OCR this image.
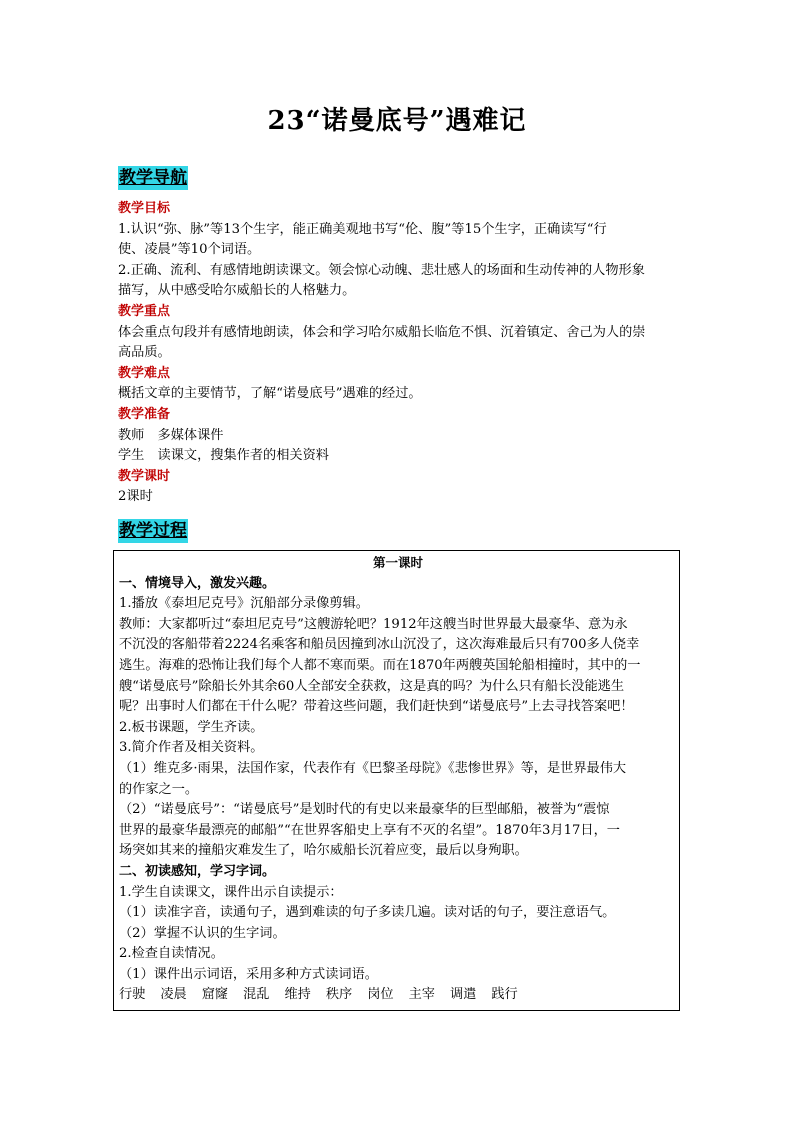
23“诺曼底号”遇难记
教学导航

教学目标

1.认识“弥、脉”等13个生字，能正确美观地书写“伦、腹”等15个生字，正确读写“行

使、凌晨”等10个词语。

2.正确、流利、有感情地朗读课文。领会惊心动魄、悲壮感人的场面和生动传神的人物形象

描写，从中感受哈尔威船长的人格魅力。

教学重点

体会重点句段并有感情地朗读，体会和学习哈尔威船长临危不惧、沉着镇定、舍己为人的崇

高品质。

教学难点

概括文章的主要情节，了解“诺曼底号”遇难的经过。

教学准备

教师　多媒体课件

学生　读课文，搜集作者的相关资料

教学课时

2课时

教学过程

第一课时

一、情境导入，激发兴趣。

1.播放《泰坦尼克号》沉船部分录像剪辑。

教师：大家都听过“泰坦尼克号”这艘游轮吧？1912年这艘当时世界最大最豪华、意为永

不沉没的客船带着2224名乘客和船员因撞到冰山沉没了，这次海难最后只有700多人侥幸

逃生。海难的恐怖让我们每个人都不寒而栗。而在1870年两艘英国轮船相撞时，其中的一

艘“诺曼底号”除船长外其余60人全部安全获救，这是真的吗？为什么只有船长没能逃生

呢？出事时人们都在干什么呢？带着这些问题，我们赶快到“诺曼底号”上去寻找答案吧！

2.板书课题，学生齐读。

3.简介作者及相关资料。

（1）维克多·雨果，法国作家，代表作有《巴黎圣母院》《悲惨世界》等，是世界最伟大

的作家之一。

（2）“诺曼底号”：“诺曼底号”是划时代的有史以来最豪华的巨型邮船，被誉为“震惊

世界的最豪华最漂亮的邮船”“在世界客船史上享有不灭的名望”。1870年3月17日，一

场突如其来的撞船灾难发生了，哈尔威船长沉着应变，最后以身殉职。

二、初读感知，学习字词。

1.学生自读课文，课件出示自读提示：

（1）读准字音，读通句子，遇到难读的句子多读几遍。读对话的句子，要注意语气。

（2）掌握不认识的生字词。

2.检查自读情况。

（1）课件出示词语，采用多种方式读词语。

行驶 凌晨 窟窿 混乱 维持 秩序 岗位 主宰 调遣 践行
